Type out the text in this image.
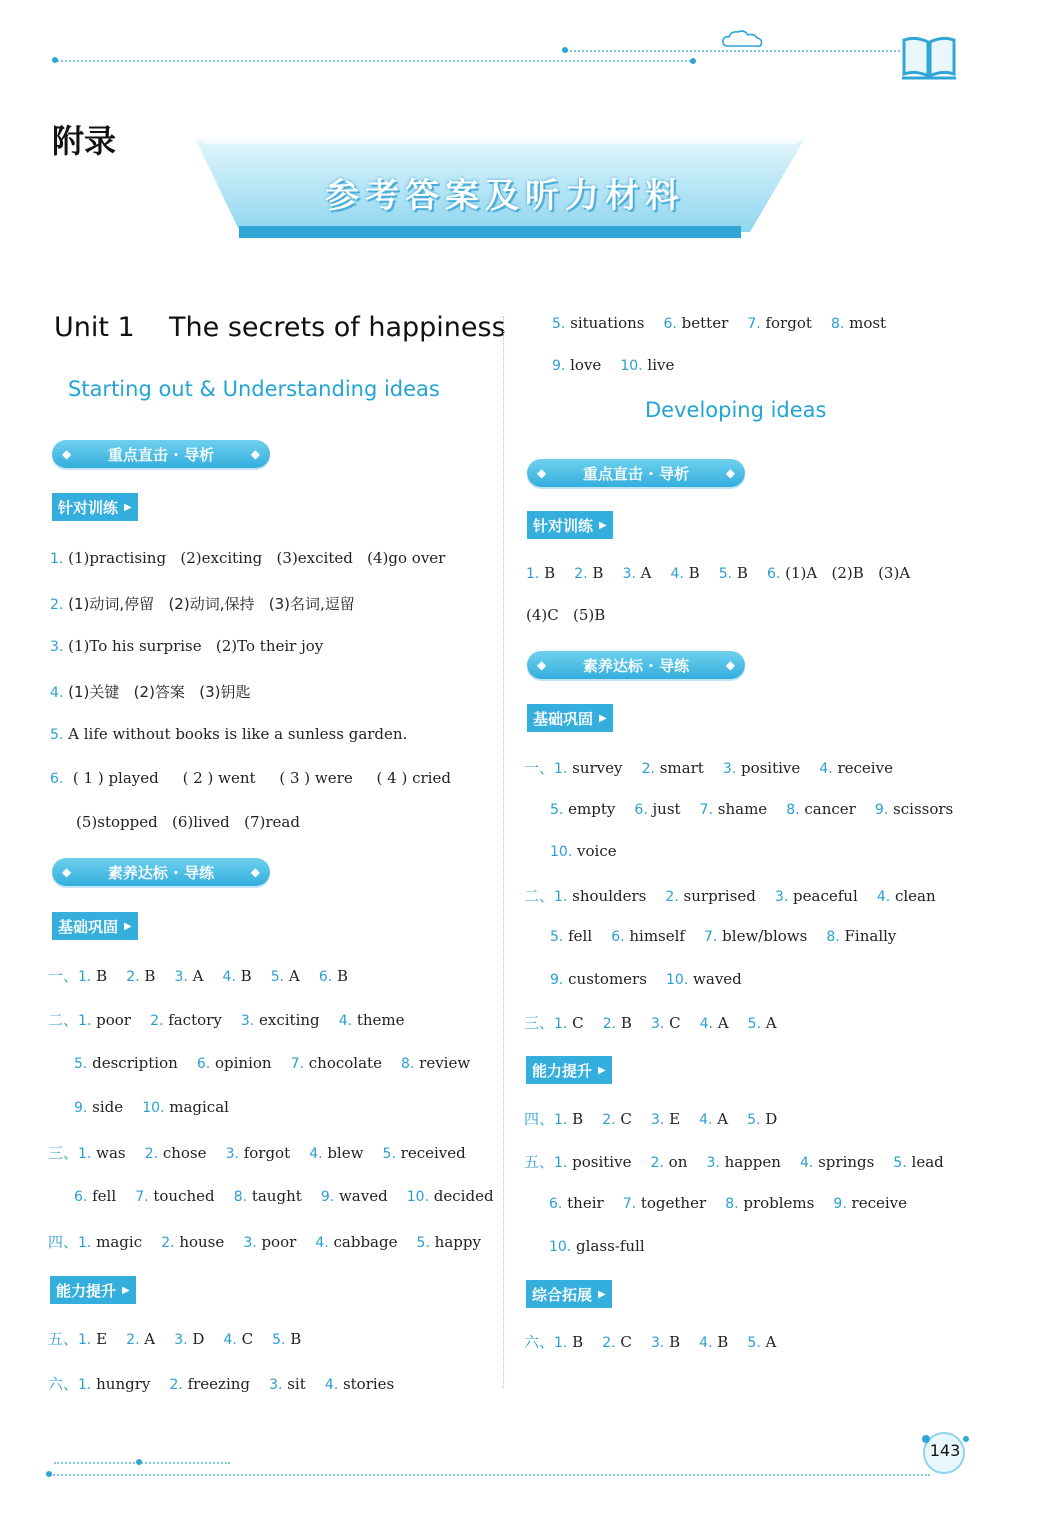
附录
参考答案及听力材料
Unit 1    The secrets of happiness
Starting out & Understanding ideas
◆ 重点直击 · 导析	◆
针对训练 ▶
1. (1)practising   (2)exciting   (3)excited   (4)go over
2. (1)动词,停留   (2)动词,保持   (3)名词,逗留
3. (1)To his surprise   (2)To their joy
4. (1)关键   (2)答案   (3)钥匙
5. A life without books is like a sunless garden.
6.  ( 1 ) played     ( 2 ) went     ( 3 ) were     ( 4 ) cried
(5)stopped   (6)lived   (7)read
◆ 素养达标 · 导练	◆
基础巩固 ▶
一、1. B    2. B    3. A    4. B    5. A    6. B
二、1. poor    2. factory    3. exciting    4. theme
5. description    6. opinion    7. chocolate    8. review
9. side    10. magical
三、1. was    2. chose    3. forgot    4. blew    5. received
6. fell    7. touched    8. taught    9. waved    10. decided
四、1. magic    2. house    3. poor    4. cabbage    5. happy
能力提升 ▶
五、1. E    2. A    3. D    4. C    5. B
六、1. hungry    2. freezing    3. sit    4. stories
5. situations    6. better    7. forgot    8. most
9. love    10. live
Developing ideas
◆ 重点直击 · 导析	◆
针对训练 ▶
1. B    2. B    3. A    4. B    5. B    6. (1)A   (2)B   (3)A
(4)C   (5)B
◆ 素养达标 · 导练	◆
基础巩固 ▶
一、1. survey    2. smart    3. positive    4. receive
5. empty    6. just    7. shame    8. cancer    9. scissors
10. voice
二、1. shoulders    2. surprised    3. peaceful    4. clean
5. fell    6. himself    7. blew/blows    8. Finally
9. customers    10. waved
三、1. C    2. B    3. C    4. A    5. A
能力提升 ▶
四、1. B    2. C    3. E    4. A    5. D
五、1. positive    2. on    3. happen    4. springs    5. lead
6. their    7. together    8. problems    9. receive
10. glass-full
综合拓展 ▶
六、1. B    2. C    3. B    4. B    5. A
143
